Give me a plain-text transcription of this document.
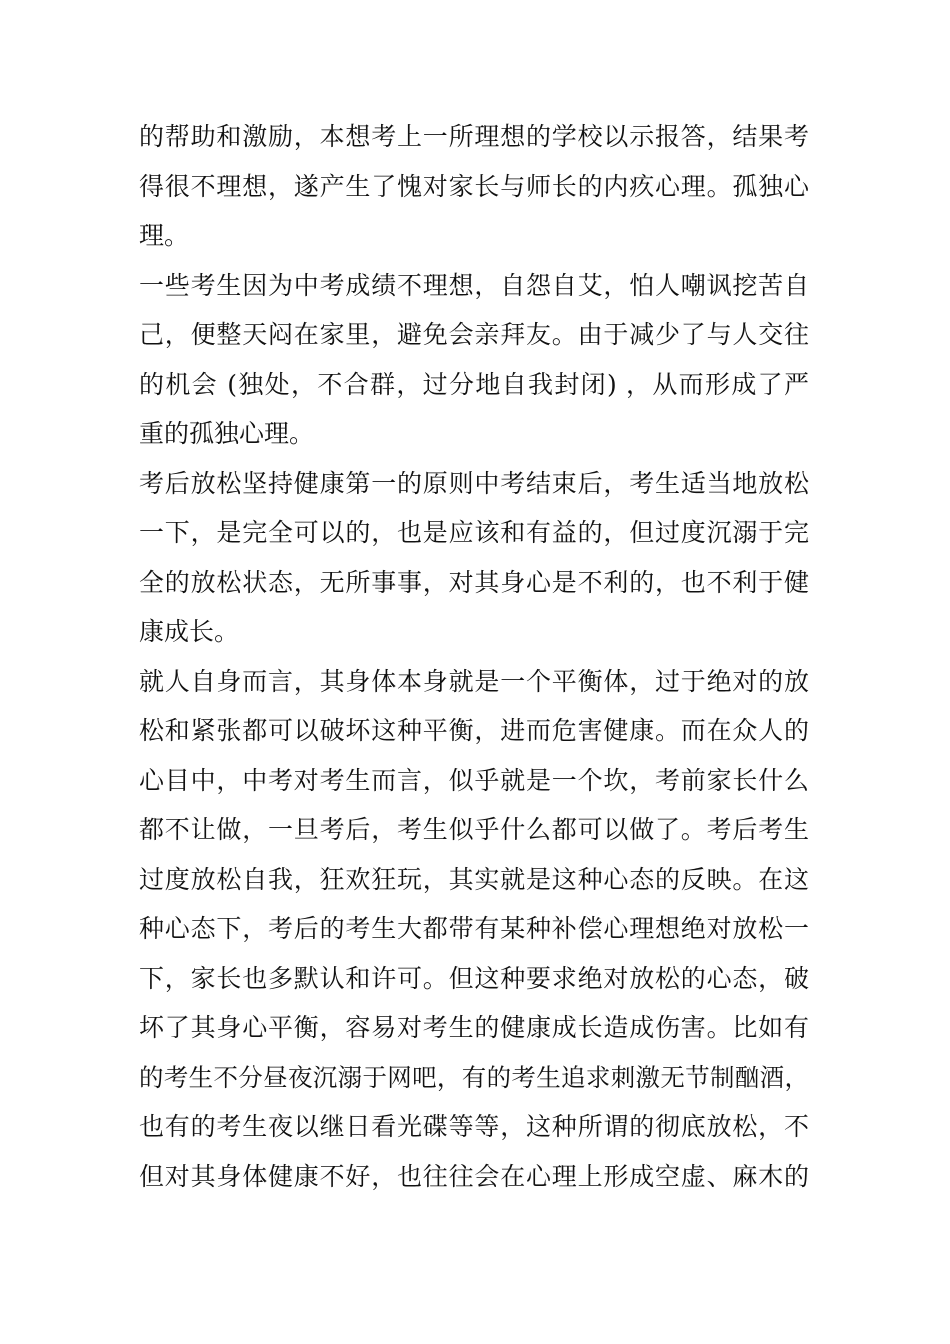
的帮助和激励，本想考上一所理想的学校以示报答，结果考
得很不理想，遂产生了愧对家长与师长的内疚心理。孤独心
理。
一些考生因为中考成绩不理想，自怨自艾，怕人嘲讽挖苦自
己，便整天闷在家里，避免会亲拜友。由于减少了与人交往
的机会 (独处，不合群，过分地自我封闭) ，从而形成了严
重的孤独心理。
考后放松坚持健康第一的原则中考结束后，考生适当地放松
一下，是完全可以的，也是应该和有益的，但过度沉溺于完
全的放松状态，无所事事，对其身心是不利的，也不利于健
康成长。
就人自身而言，其身体本身就是一个平衡体，过于绝对的放
松和紧张都可以破坏这种平衡，进而危害健康。而在众人的
心目中，中考对考生而言，似乎就是一个坎，考前家长什么
都不让做，一旦考后，考生似乎什么都可以做了。考后考生
过度放松自我，狂欢狂玩，其实就是这种心态的反映。在这
种心态下，考后的考生大都带有某种补偿心理想绝对放松一
下，家长也多默认和许可。但这种要求绝对放松的心态，破
坏了其身心平衡，容易对考生的健康成长造成伤害。比如有
的考生不分昼夜沉溺于网吧，有的考生追求刺激无节制酗酒，
也有的考生夜以继日看光碟等等，这种所谓的彻底放松，不
但对其身体健康不好，也往往会在心理上形成空虚、麻木的
